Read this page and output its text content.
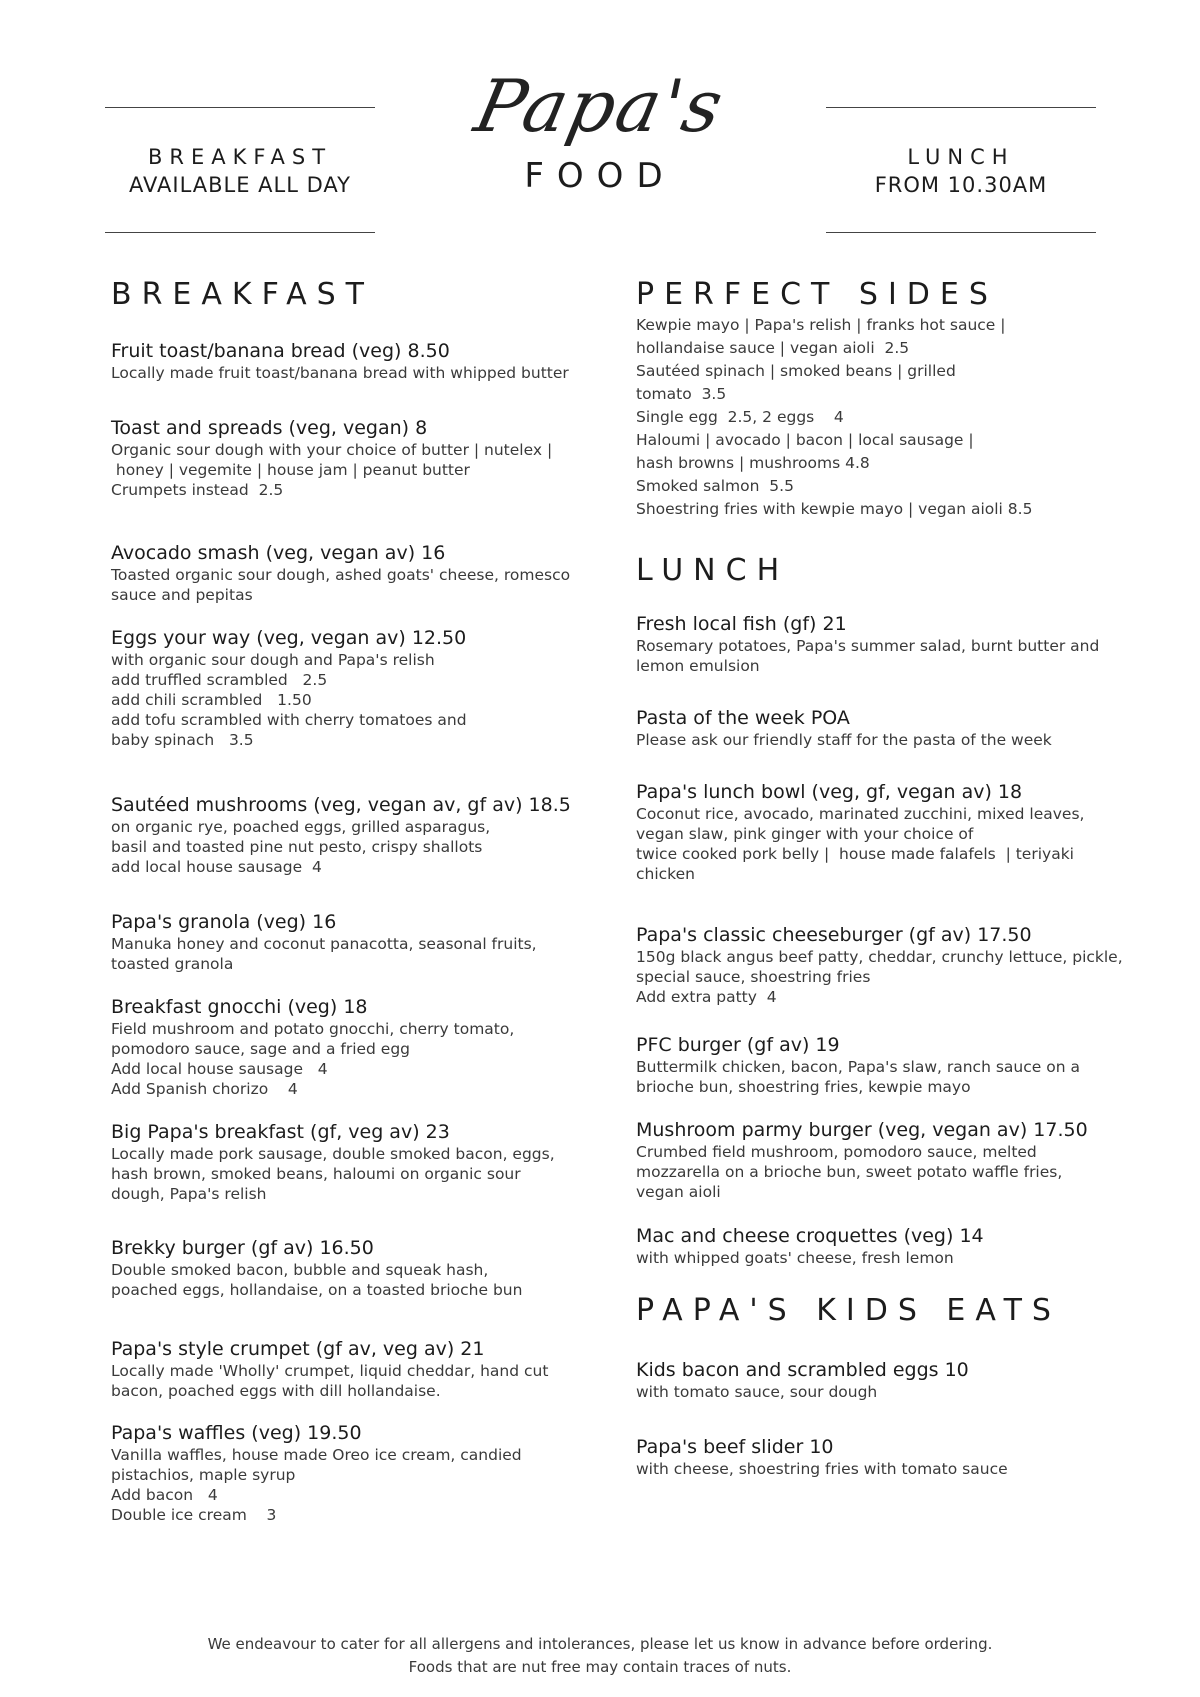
BREAKFAST
AVAILABLE ALL DAY
LUNCH
FROM 10.30AM
Papa's
FOOD
BREAKFAST	PERFECT SIDES
LUNCH
PAPA'S KIDS EATS
Fruit toast/banana bread (veg) 8.50
Locally made fruit toast/banana bread with whipped butter
Toast and spreads (veg, vegan) 8
Organic sour dough with your choice of butter | nutelex |
honey | vegemite | house jam | peanut butter
Crumpets instead  2.5
Avocado smash (veg, vegan av) 16
Toasted organic sour dough, ashed goats' cheese, romesco
sauce and pepitas
Eggs your way (veg, vegan av) 12.50
with organic sour dough and Papa's relish
add truffled scrambled   2.5
add chili scrambled   1.50
add tofu scrambled with cherry tomatoes and
baby spinach   3.5
Sautéed mushrooms (veg, vegan av, gf av) 18.5
on organic rye, poached eggs, grilled asparagus,
basil and toasted pine nut pesto, crispy shallots
add local house sausage  4
Papa's granola (veg) 16
Manuka honey and coconut panacotta, seasonal fruits,
toasted granola
Breakfast gnocchi (veg) 18
Field mushroom and potato gnocchi, cherry tomato,
pomodoro sauce, sage and a fried egg
Add local house sausage   4
Add Spanish chorizo    4
Big Papa's breakfast (gf, veg av) 23
Locally made pork sausage, double smoked bacon, eggs,
hash brown, smoked beans, haloumi on organic sour
dough, Papa's relish
Brekky burger (gf av) 16.50
Double smoked bacon, bubble and squeak hash,
poached eggs, hollandaise, on a toasted brioche bun
Papa's style crumpet (gf av, veg av) 21
Locally made 'Wholly' crumpet, liquid cheddar, hand cut
bacon, poached eggs with dill hollandaise.
Papa's waffles (veg) 19.50
Vanilla waffles, house made Oreo ice cream, candied
pistachios, maple syrup
Add bacon   4
Double ice cream    3
Fresh local fish (gf) 21
Rosemary potatoes, Papa's summer salad, burnt butter and
lemon emulsion
Pasta of the week POA
Please ask our friendly staff for the pasta of the week
Papa's lunch bowl (veg, gf, vegan av) 18
Coconut rice, avocado, marinated zucchini, mixed leaves,
vegan slaw, pink ginger with your choice of
twice cooked pork belly |  house made falafels  | teriyaki
chicken
Papa's classic cheeseburger (gf av) 17.50
150g black angus beef patty, cheddar, crunchy lettuce, pickle,
special sauce, shoestring fries
Add extra patty  4
PFC burger (gf av) 19
Buttermilk chicken, bacon, Papa's slaw, ranch sauce on a
brioche bun, shoestring fries, kewpie mayo
Mushroom parmy burger (veg, vegan av) 17.50
Crumbed field mushroom, pomodoro sauce, melted
mozzarella on a brioche bun, sweet potato waffle fries,
vegan aioli
Mac and cheese croquettes (veg) 14
with whipped goats' cheese, fresh lemon
Kids bacon and scrambled eggs 10
with tomato sauce, sour dough
Papa's beef slider 10
with cheese, shoestring fries with tomato sauce
Kewpie mayo | Papa's relish | franks hot sauce |
hollandaise sauce | vegan aioli  2.5
Sautéed spinach | smoked beans | grilled
tomato  3.5
Single egg  2.5, 2 eggs    4
Haloumi | avocado | bacon | local sausage |
hash browns | mushrooms 4.8
Smoked salmon  5.5
Shoestring fries with kewpie mayo | vegan aioli 8.5
We endeavour to cater for all allergens and intolerances, please let us know in advance before ordering.
Foods that are nut free may contain traces of nuts.
